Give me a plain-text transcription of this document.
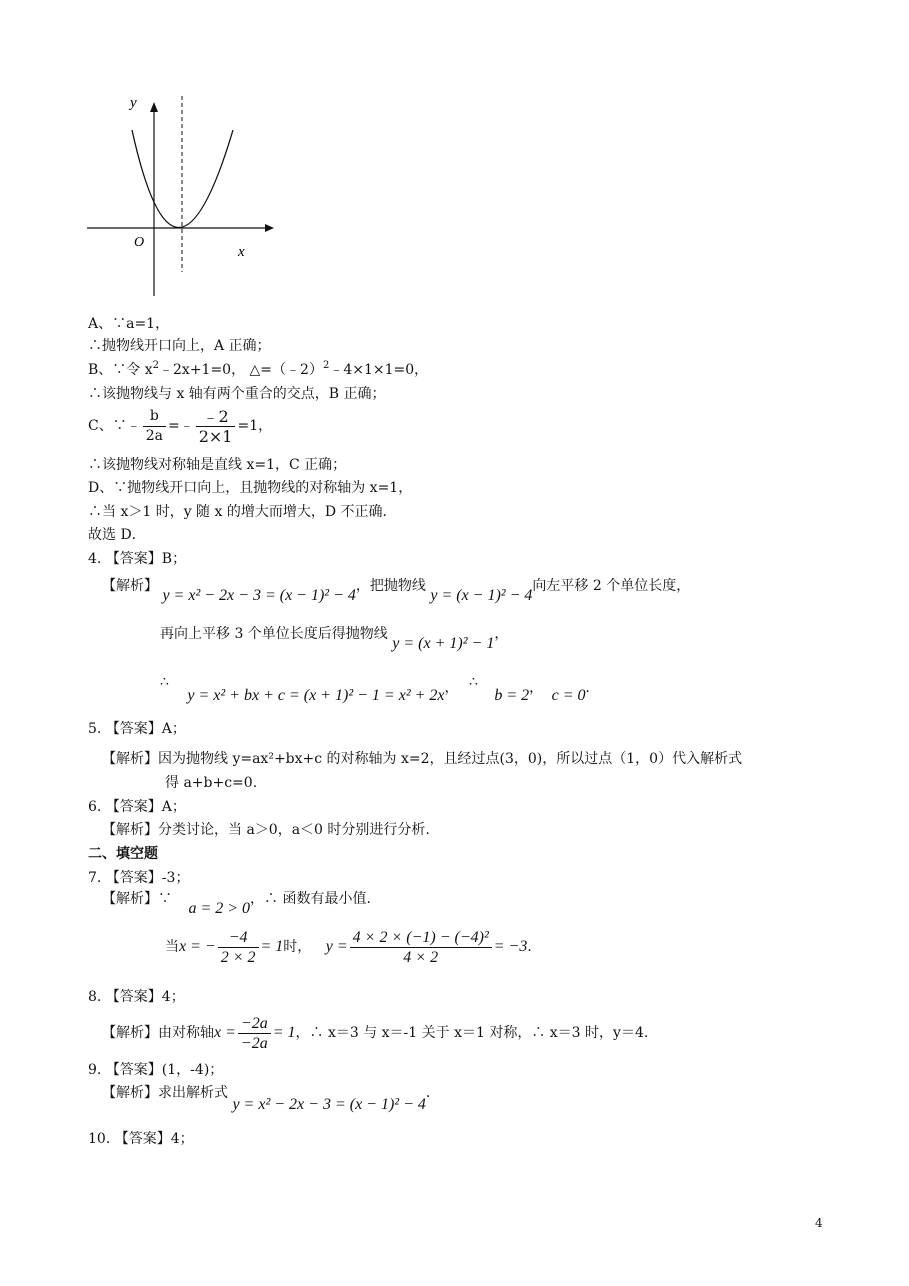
y
O
x
A、∵a=1，
∴抛物线开口向上，A 正确；
B、∵令 $x^2﹣2x+1=0$， △=（﹣2）$^2$﹣4×1×1=0，
∴该抛物线与 x 轴有两个重合的交点，B 正确；
C、∵﹣ $\frac{b}{2a}$ =﹣ $\frac{﹣2}{2\times 1} =1$，
∴该抛物线对称轴是直线 x=1，C 正确；
D、∵抛物线开口向上，且抛物线的对称轴为 x=1，
∴当 x＞1 时，y 随 x 的增大而增大，D 不正确．
故选 D．
4. 【答案】B；
【解析】 y = x² − 2x − 3 = (x − 1)² − 4，把抛物线 y = (x − 1)² − 4向左平移 2 个单位长度，
再向上平移 3 个单位长度后得抛物线 y = (x + 1)² − 1，
∴ y = x² + bx + c = (x + 1)² − 1 = x² + 2x， ∴ b = 2， c = 0．
5. 【答案】A；
【解析】因为抛物线 y=ax²+bx+c 的对称轴为 x=2，且经过点(3，0)，所以过点（1，0）代入解析式
得 a+b+c=0.
6. 【答案】A；
【解析】分类讨论，当 a＞0，a＜0 时分别进行分析.
二、填空题
7. 【答案】-3；
【解析】∵ a = 2 > 0，∴ 函数有最小值.
当x = − $\frac{-4}{2 \times 2} = 1$时， $y = \frac{\text{4 × 2 × (−1) − (−4)²}}{4 \times 2} = -3$．
8. 【答案】4；
【解析】由对称轴$x = \frac{-2a}{-2a} = 1$，∴ x＝3 与 x＝-1 关于 x＝1 对称，∴ x＝3 时，y＝4.
9. 【答案】(1，-4)；
【解析】求出解析式 y = x² − 2x − 3 = (x − 1)² − 4．
10. 【答案】4；
4
